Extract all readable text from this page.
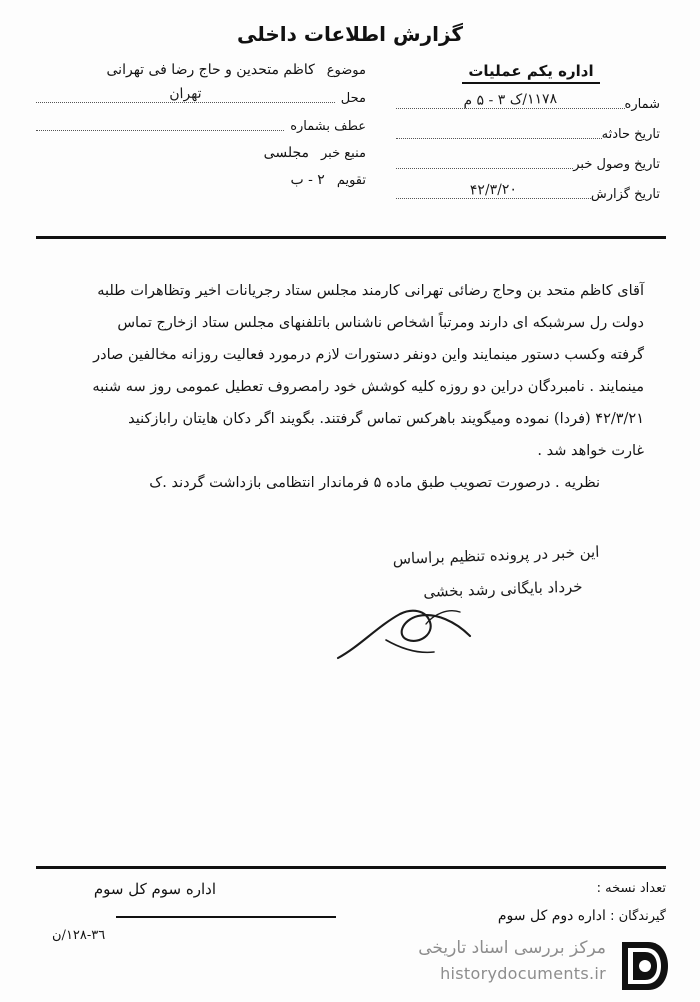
گزارش اطلاعات داخلی
اداره یکم عملیات
شماره
۱۱۷۸/ک ۳ - ۵ م
تاریخ حادثه
تاریخ وصول خبر
تاریخ گزارش
۴۲/۳/۲۰
موضوع
کاظم متحدین و حاج رضا فی تهرانی
محل
تهران
عطف بشماره
منبع خبر
مجلسی
تقویم
۲ - ب

آقای کاظم متحد بن وحاج رضائی تهرانی کارمند مجلس ستاد رجریانات اخیر وتظاهرات طلبه

دولت رل سرشبکه ای دارند ومرتباً اشخاص ناشناس باتلفنهای مجلس ستاد ازخارج تماس

گرفته وکسب دستور مینمایند واین دونفر دستورات لازم درمورد فعالیت روزانه مخالفین صادر

مینمایند . نامبردگان دراین دو روزه کلیه کوشش خود رامصروف تعطیل عمومی روز سه شنبه

۴۲/۳/۲۱ (فردا) نموده ومیگویند باهرکس تماس گرفتند. بگویند اگر دکان هایتان رابازکنید

غارت خواهد شد .

نظریه . درصورت تصویب طبق ماده ۵ فرماندار انتظامی بازداشت گردند .ک

این خبر در پرونده تنظیم براساس
خرداد بایگانی رشد بخشی
تعداد نسخه :
گیرندگان : اداره دوم کل سوم
اداره سوم کل سوم
٣٦-١٢٨/ن
مرکز بررسی اسناد تاریخی
historydocuments.ir
